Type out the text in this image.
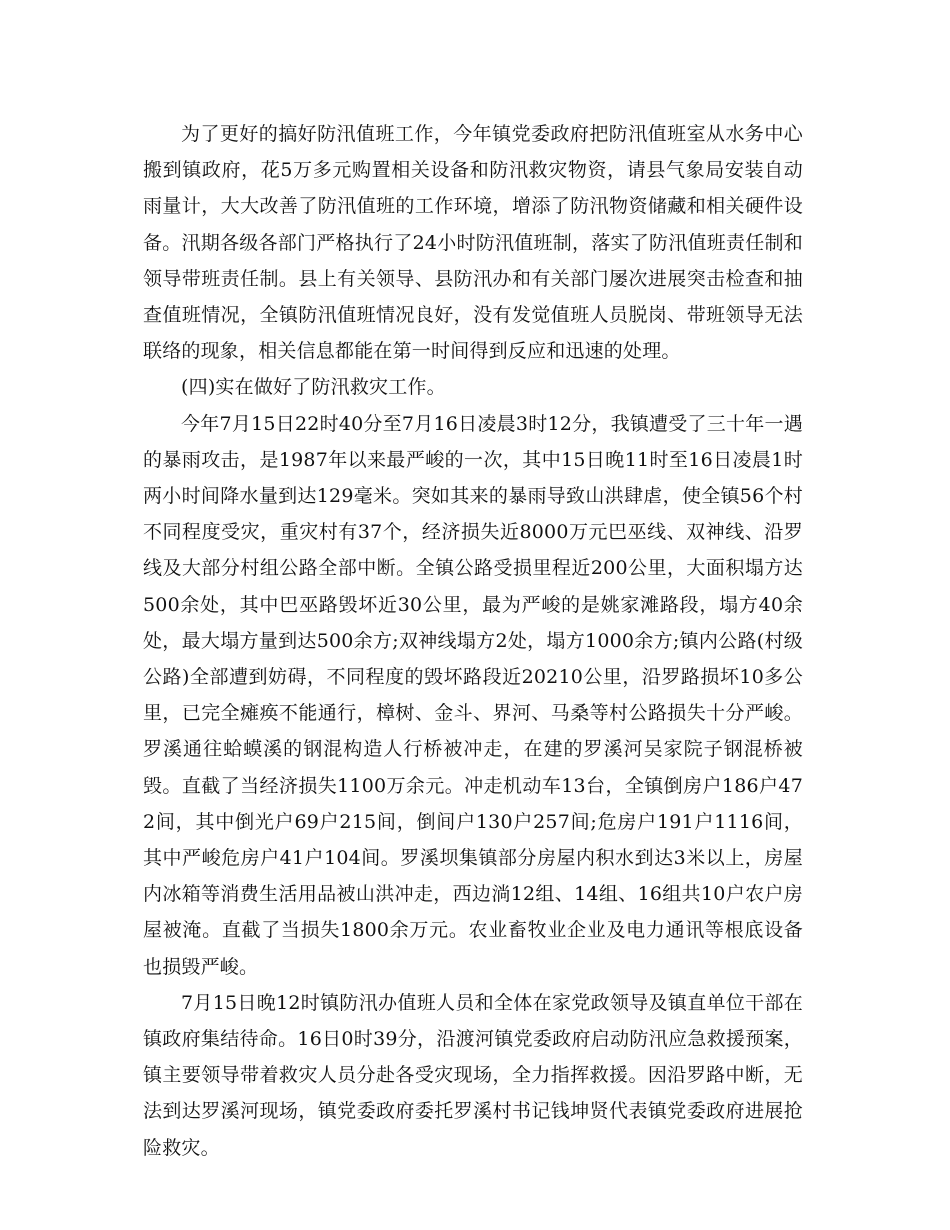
为了更好的搞好防汛值班工作，今年镇党委政府把防汛值班室从水务中心搬到镇政府，花5万多元购置相关设备和防汛救灾物资，请县气象局安装自动雨量计，大大改善了防汛值班的工作环境，增添了防汛物资储藏和相关硬件设备。汛期各级各部门严格执行了24小时防汛值班制，落实了防汛值班责任制和领导带班责任制。县上有关领导、县防汛办和有关部门屡次进展突击检查和抽查值班情况，全镇防汛值班情况良好，没有发觉值班人员脱岗、带班领导无法联络的现象，相关信息都能在第一时间得到反应和迅速的处理。

(四)实在做好了防汛救灾工作。

今年7月15日22时40分至7月16日凌晨3时12分，我镇遭受了三十年一遇的暴雨攻击，是1987年以来最严峻的一次，其中15日晚11时至16日凌晨1时两小时间降水量到达129毫米。突如其来的暴雨导致山洪肆虐，使全镇56个村不同程度受灾，重灾村有37个，经济损失近8000万元巴巫线、双神线、沿罗线及大部分村组公路全部中断。全镇公路受损里程近200公里，大面积塌方达500余处，其中巴巫路毁坏近30公里，最为严峻的是姚家滩路段，塌方40余处，最大塌方量到达500余方;双神线塌方2处，塌方1000余方;镇内公路(村级公路)全部遭到妨碍，不同程度的毁坏路段近20210公里，沿罗路损坏10多公里，已完全瘫痪不能通行，樟树、金斗、界河、马桑等村公路损失十分严峻。罗溪通往蛤蟆溪的钢混构造人行桥被冲走，在建的罗溪河吴家院子钢混桥被毁。直截了当经济损失1100万余元。冲走机动车13台，全镇倒房户186户472间，其中倒光户69户215间，倒间户130户257间;危房户191户1116间，其中严峻危房户41户104间。罗溪坝集镇部分房屋内积水到达3米以上，房屋内冰箱等消费生活用品被山洪冲走，西边淌12组、14组、16组共10户农户房屋被淹。直截了当损失1800余万元。农业畜牧业企业及电力通讯等根底设备也损毁严峻。

7月15日晚12时镇防汛办值班人员和全体在家党政领导及镇直单位干部在镇政府集结待命。16日0时39分，沿渡河镇党委政府启动防汛应急救援预案，镇主要领导带着救灾人员分赴各受灾现场，全力指挥救援。因沿罗路中断，无法到达罗溪河现场，镇党委政府委托罗溪村书记钱坤贤代表镇党委政府进展抢险救灾。
